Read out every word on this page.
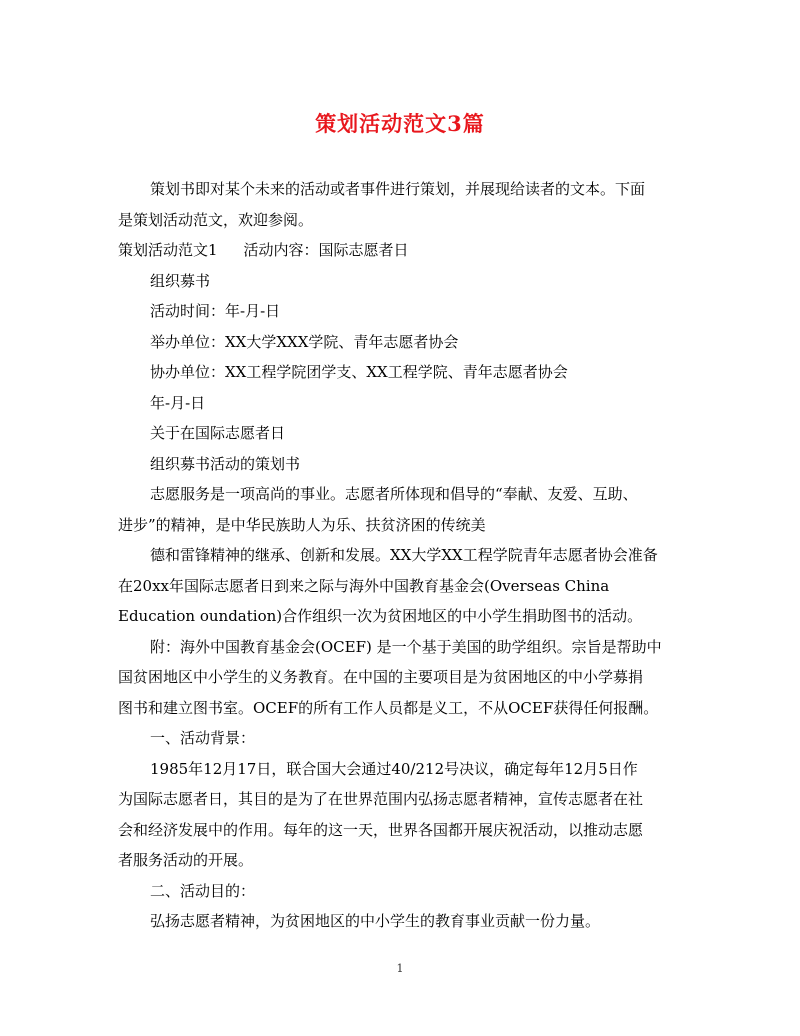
策划活动范文3篇
策划书即对某个未来的活动或者事件进行策划，并展现给读者的文本。下面
是策划活动范文，欢迎参阅。
策划活动范文1 活动内容：国际志愿者日
组织募书
活动时间：年-月-日
举办单位：XX大学XXX学院、青年志愿者协会
协办单位：XX工程学院团学支、XX工程学院、青年志愿者协会
年-月-日
关于在国际志愿者日
组织募书活动的策划书
志愿服务是一项高尚的事业。志愿者所体现和倡导的“奉献、友爱、互助、
进步”的精神，是中华民族助人为乐、扶贫济困的传统美
德和雷锋精神的继承、创新和发展。XX大学XX工程学院青年志愿者协会准备
在20xx年国际志愿者日到来之际与海外中国教育基金会(Overseas China
Education oundation)合作组织一次为贫困地区的中小学生捐助图书的活动。
附：海外中国教育基金会(OCEF) 是一个基于美国的助学组织。宗旨是帮助中
国贫困地区中小学生的义务教育。在中国的主要项目是为贫困地区的中小学募捐
图书和建立图书室。OCEF的所有工作人员都是义工，不从OCEF获得任何报酬。
一、活动背景：
1985年12月17日，联合国大会通过40/212号决议，确定每年12月5日作
为国际志愿者日，其目的是为了在世界范围内弘扬志愿者精神，宣传志愿者在社
会和经济发展中的作用。每年的这一天，世界各国都开展庆祝活动，以推动志愿
者服务活动的开展。
二、活动目的：
弘扬志愿者精神，为贫困地区的中小学生的教育事业贡献一份力量。
1
